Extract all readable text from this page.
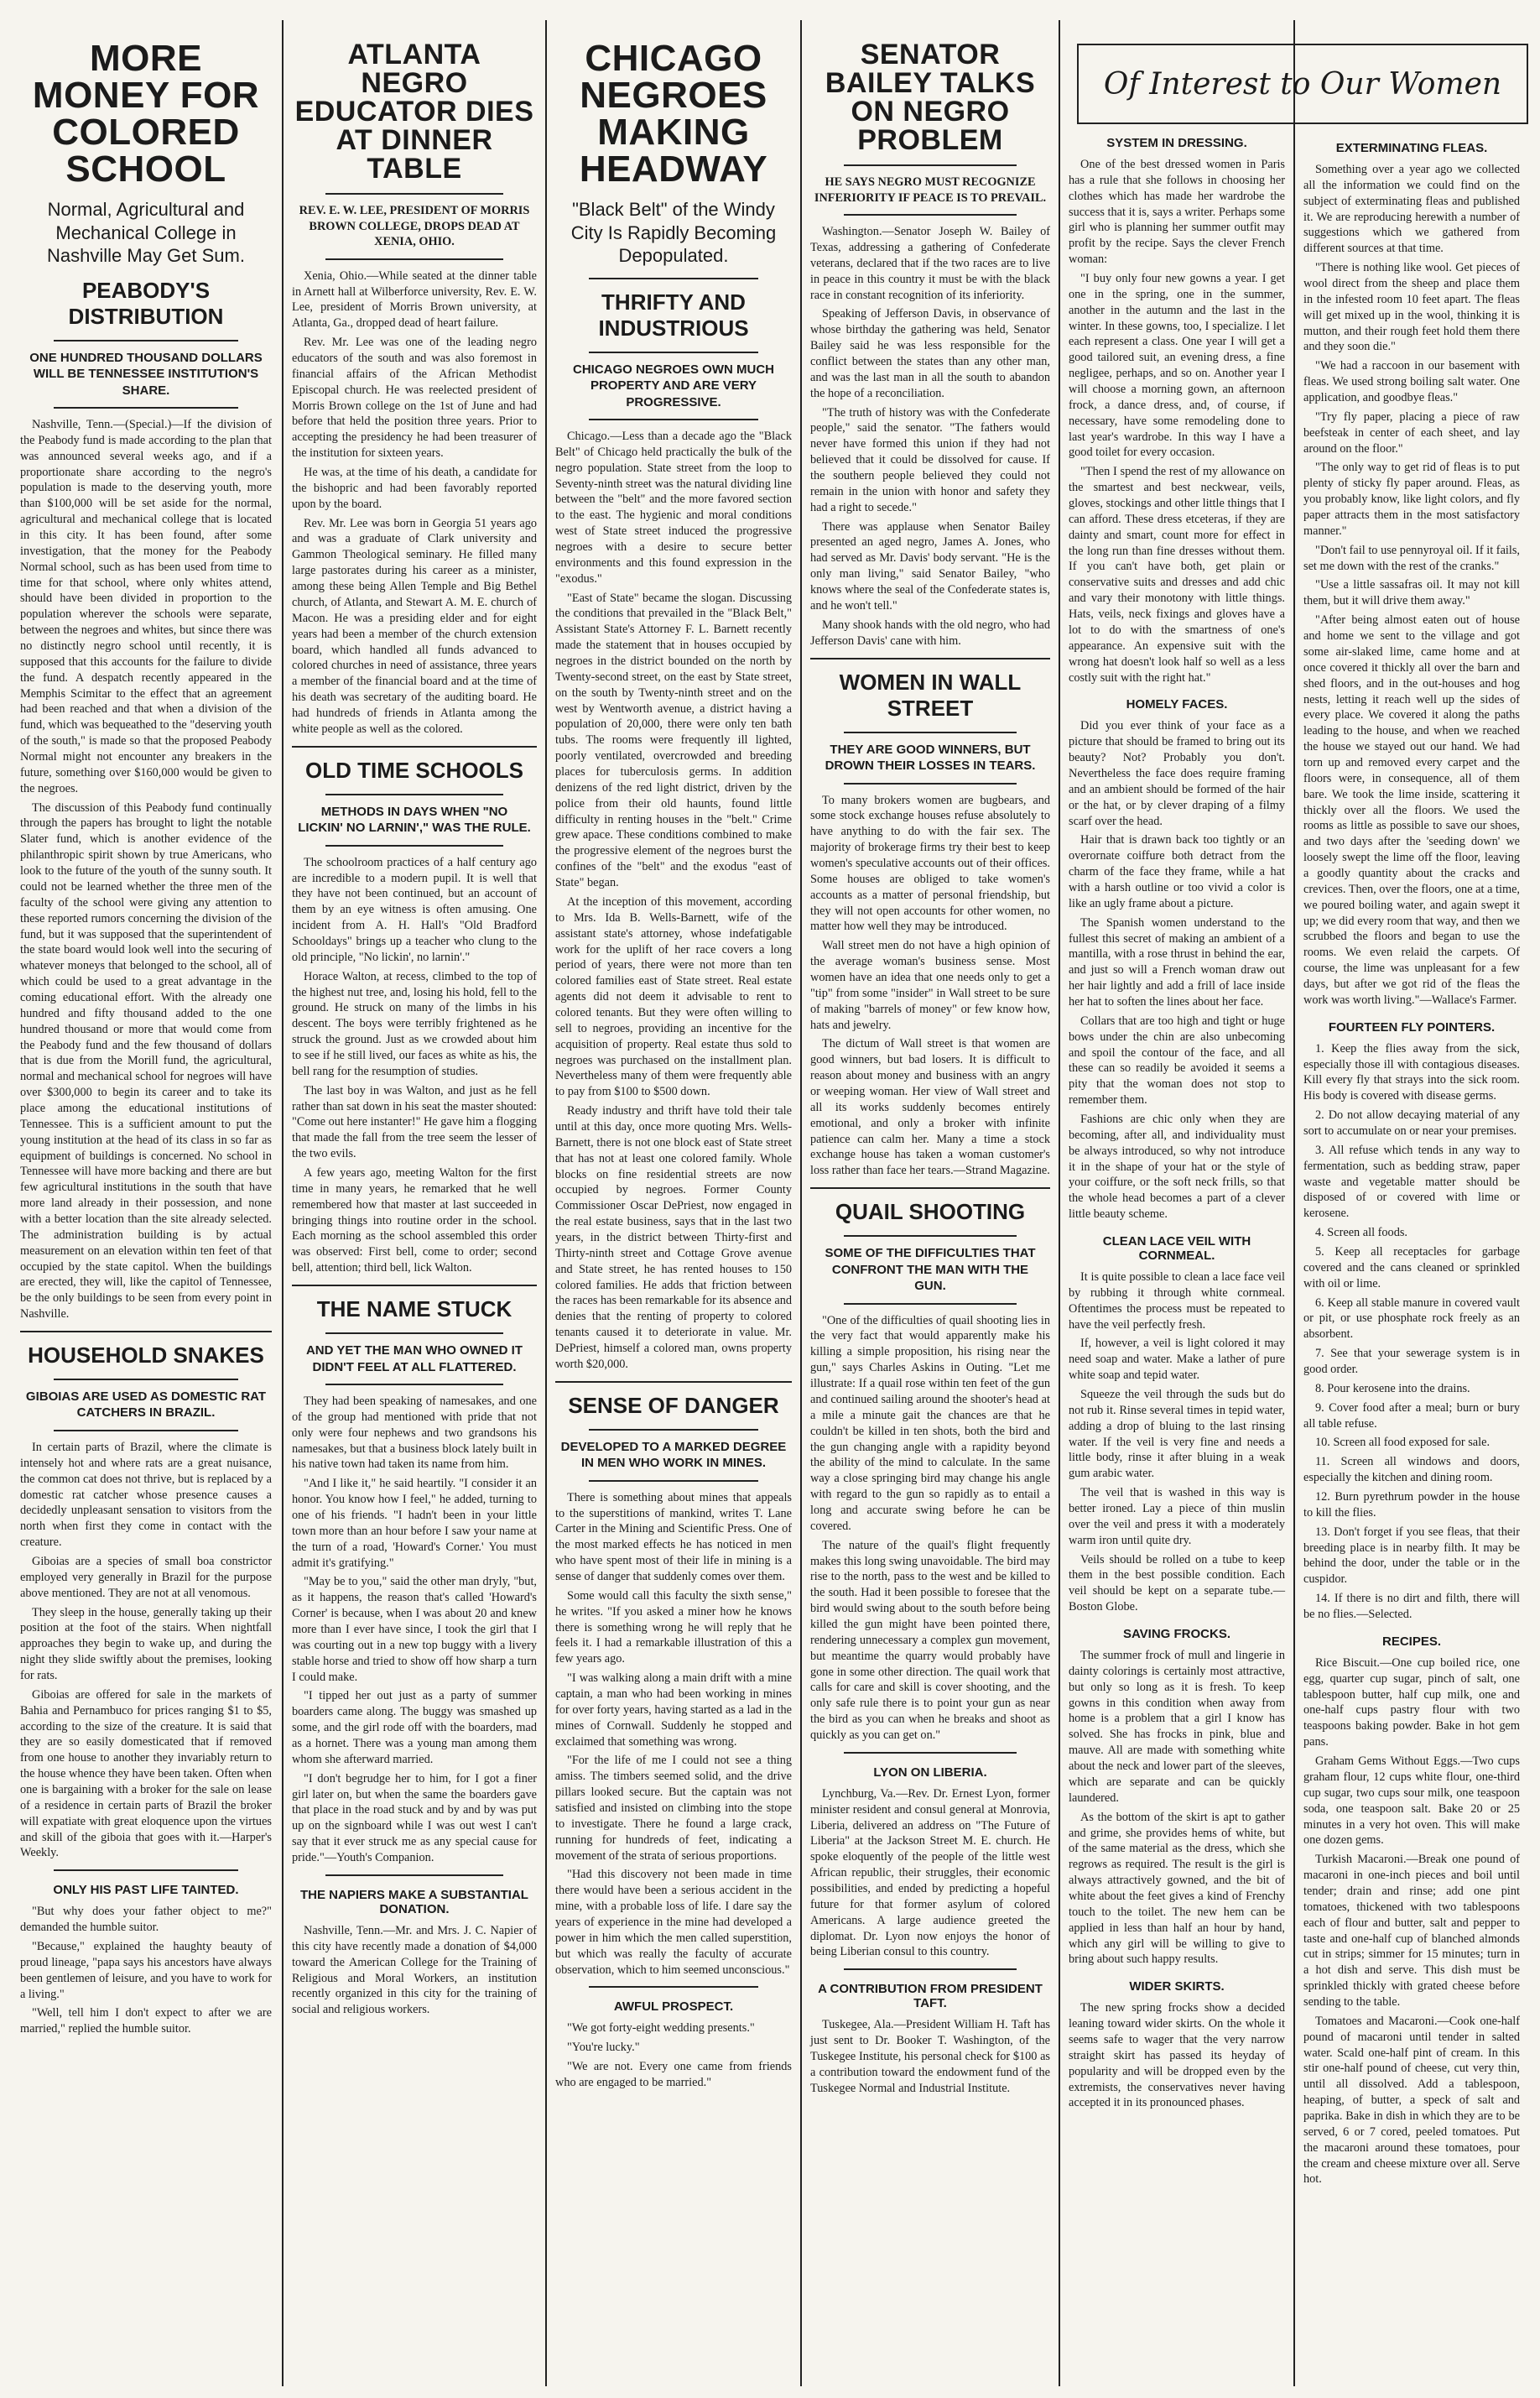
MORE MONEY FOR COLORED SCHOOL
Normal, Agricultural and Mechanical College in Nashville May Get Sum.
PEABODY'S DISTRIBUTION
ONE HUNDRED THOUSAND DOLLARS WILL BE TENNESSEE INSTITUTION'S SHARE.

Nashville, Tenn.—(Special.)—If the division of the Peabody fund is made according to the plan that was announced several weeks ago, and if a proportionate share according to the negro's population is made to the deserving youth, more than $100,000 will be set aside for the normal, agricultural and mechanical college that is located in this city. It has been found, after some investigation, that the money for the Peabody Normal school, such as has been used from time to time for that school, where only whites attend, should have been divided in proportion to the population wherever the schools were separate, between the negroes and whites, but since there was no distinctly negro school until recently, it is supposed that this accounts for the failure to divide the fund. A despatch recently appeared in the Memphis Scimitar to the effect that an agreement had been reached and that when a division of the fund, which was bequeathed to the "deserving youth of the south," is made so that the proposed Peabody Normal might not encounter any breakers in the future, something over $160,000 would be given to the negroes.

The discussion of this Peabody fund continually through the papers has brought to light the notable Slater fund, which is another evidence of the philanthropic spirit shown by true Americans, who look to the future of the youth of the sunny south. It could not be learned whether the three men of the faculty of the school were giving any attention to these reported rumors concerning the division of the fund, but it was supposed that the superintendent of the state board would look well into the securing of whatever moneys that belonged to the school, all of which could be used to a great advantage in the coming educational effort. With the already one hundred and fifty thousand added to the one hundred thousand or more that would come from the Peabody fund and the few thousand of dollars that is due from the Morill fund, the agricultural, normal and mechanical school for negroes will have over $300,000 to begin its career and to take its place among the educational institutions of Tennessee. This is a sufficient amount to put the young institution at the head of its class in so far as equipment of buildings is concerned. No school in Tennessee will have more backing and there are but few agricultural institutions in the south that have more land already in their possession, and none with a better location than the site already selected. The administration building is by actual measurement on an elevation within ten feet of that occupied by the state capitol. When the buildings are erected, they will, like the capitol of Tennessee, be the only buildings to be seen from every point in Nashville.

HOUSEHOLD SNAKES
GIBOIAS ARE USED AS DOMESTIC RAT CATCHERS IN BRAZIL.

In certain parts of Brazil, where the climate is intensely hot and where rats are a great nuisance, the common cat does not thrive, but is replaced by a domestic rat catcher whose presence causes a decidedly unpleasant sensation to visitors from the north when first they come in contact with the creature.

Giboias are a species of small boa constrictor employed very generally in Brazil for the purpose above mentioned. They are not at all venomous.

They sleep in the house, generally taking up their position at the foot of the stairs. When nightfall approaches they begin to wake up, and during the night they slide swiftly about the premises, looking for rats.

Giboias are offered for sale in the markets of Bahia and Pernambuco for prices ranging $1 to $5, according to the size of the creature. It is said that they are so easily domesticated that if removed from one house to another they invariably return to the house whence they have been taken. Often when one is bargaining with a broker for the sale on lease of a residence in certain parts of Brazil the broker will expatiate with great eloquence upon the virtues and skill of the giboia that goes with it.—Harper's Weekly.

ONLY HIS PAST LIFE TAINTED.

"But why does your father object to me?" demanded the humble suitor.

"Because," explained the haughty beauty of proud lineage, "papa says his ancestors have always been gentlemen of leisure, and you have to work for a living."

"Well, tell him I don't expect to after we are married," replied the humble suitor.

ATLANTA NEGRO EDUCATOR DIES AT DINNER TABLE
REV. E. W. LEE, PRESIDENT OF MORRIS BROWN COLLEGE, DROPS DEAD AT XENIA, OHIO.

Xenia, Ohio.—While seated at the dinner table in Arnett hall at Wilberforce university, Rev. E. W. Lee, president of Morris Brown university, at Atlanta, Ga., dropped dead of heart failure.

Rev. Mr. Lee was one of the leading negro educators of the south and was also foremost in financial affairs of the African Methodist Episcopal church. He was reelected president of Morris Brown college on the 1st of June and had before that held the position three years. Prior to accepting the presidency he had been treasurer of the institution for sixteen years.

He was, at the time of his death, a candidate for the bishopric and had been favorably reported upon by the board.

Rev. Mr. Lee was born in Georgia 51 years ago and was a graduate of Clark university and Gammon Theological seminary. He filled many large pastorates during his career as a minister, among these being Allen Temple and Big Bethel church, of Atlanta, and Stewart A. M. E. church of Macon. He was a presiding elder and for eight years had been a member of the church extension board, which handled all funds advanced to colored churches in need of assistance, three years a member of the financial board and at the time of his death was secretary of the auditing board. He had hundreds of friends in Atlanta among the white people as well as the colored.

OLD TIME SCHOOLS
METHODS IN DAYS WHEN "NO LICKIN' NO LARNIN'," WAS THE RULE.

The schoolroom practices of a half century ago are incredible to a modern pupil. It is well that they have not been continued, but an account of them by an eye witness is often amusing. One incident from A. H. Hall's "Old Bradford Schooldays" brings up a teacher who clung to the old principle, "No lickin', no larnin'."

Horace Walton, at recess, climbed to the top of the highest nut tree, and, losing his hold, fell to the ground. He struck on many of the limbs in his descent. The boys were terribly frightened as he struck the ground. Just as we crowded about him to see if he still lived, our faces as white as his, the bell rang for the resumption of studies.

The last boy in was Walton, and just as he fell rather than sat down in his seat the master shouted: "Come out here instanter!" He gave him a flogging that made the fall from the tree seem the lesser of the two evils.

A few years ago, meeting Walton for the first time in many years, he remarked that he well remembered how that master at last succeeded in bringing things into routine order in the school. Each morning as the school assembled this order was observed: First bell, come to order; second bell, attention; third bell, lick Walton.

THE NAME STUCK
AND YET THE MAN WHO OWNED IT DIDN'T FEEL AT ALL FLATTERED.

They had been speaking of namesakes, and one of the group had mentioned with pride that not only were four nephews and two grandsons his namesakes, but that a business block lately built in his native town had taken its name from him.

"And I like it," he said heartily. "I consider it an honor. You know how I feel," he added, turning to one of his friends. "I hadn't been in your little town more than an hour before I saw your name at the turn of a road, 'Howard's Corner.' You must admit it's gratifying."

"May be to you," said the other man dryly, "but, as it happens, the reason that's called 'Howard's Corner' is because, when I was about 20 and knew more than I ever have since, I took the girl that I was courting out in a new top buggy with a livery stable horse and tried to show off how sharp a turn I could make.

"I tipped her out just as a party of summer boarders came along. The buggy was smashed up some, and the girl rode off with the boarders, mad as a hornet. There was a young man among them whom she afterward married.

"I don't begrudge her to him, for I got a finer girl later on, but when the same the boarders gave that place in the road stuck and by and by was put up on the signboard while I was out west I can't say that it ever struck me as any special cause for pride."—Youth's Companion.

THE NAPIERS MAKE A SUBSTANTIAL DONATION.

Nashville, Tenn.—Mr. and Mrs. J. C. Napier of this city have recently made a donation of $4,000 toward the American College for the Training of Religious and Moral Workers, an institution recently organized in this city for the training of social and religious workers.

CHICAGO NEGROES MAKING HEADWAY
"Black Belt" of the Windy City Is Rapidly Becoming Depopulated.
THRIFTY AND INDUSTRIOUS
CHICAGO NEGROES OWN MUCH PROPERTY AND ARE VERY PROGRESSIVE.

Chicago.—Less than a decade ago the "Black Belt" of Chicago held practically the bulk of the negro population. State street from the loop to Seventy-ninth street was the natural dividing line between the "belt" and the more favored section to the east. The hygienic and moral conditions west of State street induced the progressive negroes with a desire to secure better environments and this found expression in the "exodus."

"East of State" became the slogan. Discussing the conditions that prevailed in the "Black Belt," Assistant State's Attorney F. L. Barnett recently made the statement that in houses occupied by negroes in the district bounded on the north by Twenty-second street, on the east by State street, on the south by Twenty-ninth street and on the west by Wentworth avenue, a district having a population of 20,000, there were only ten bath tubs. The rooms were frequently ill lighted, poorly ventilated, overcrowded and breeding places for tuberculosis germs. In addition denizens of the red light district, driven by the police from their old haunts, found little difficulty in renting houses in the "belt." Crime grew apace. These conditions combined to make the progressive element of the negroes burst the confines of the "belt" and the exodus "east of State" began.

At the inception of this movement, according to Mrs. Ida B. Wells-Barnett, wife of the assistant state's attorney, whose indefatigable work for the uplift of her race covers a long period of years, there were not more than ten colored families east of State street. Real estate agents did not deem it advisable to rent to colored tenants. But they were often willing to sell to negroes, providing an incentive for the acquisition of property. Real estate thus sold to negroes was purchased on the installment plan. Nevertheless many of them were frequently able to pay from $100 to $500 down.

Ready industry and thrift have told their tale until at this day, once more quoting Mrs. Wells-Barnett, there is not one block east of State street that has not at least one colored family. Whole blocks on fine residential streets are now occupied by negroes. Former County Commissioner Oscar DePriest, now engaged in the real estate business, says that in the last two years, in the district between Thirty-first and Thirty-ninth street and Cottage Grove avenue and State street, he has rented houses to 150 colored families. He adds that friction between the races has been remarkable for its absence and denies that the renting of property to colored tenants caused it to deteriorate in value. Mr. DePriest, himself a colored man, owns property worth $20,000.

SENSE OF DANGER
DEVELOPED TO A MARKED DEGREE IN MEN WHO WORK IN MINES.

There is something about mines that appeals to the superstitions of mankind, writes T. Lane Carter in the Mining and Scientific Press. One of the most marked effects he has noticed in men who have spent most of their life in mining is a sense of danger that suddenly comes over them.

Some would call this faculty the sixth sense," he writes. "If you asked a miner how he knows there is something wrong he will reply that he feels it. I had a remarkable illustration of this a few years ago.

"I was walking along a main drift with a mine captain, a man who had been working in mines for over forty years, having started as a lad in the mines of Cornwall. Suddenly he stopped and exclaimed that something was wrong.

"For the life of me I could not see a thing amiss. The timbers seemed solid, and the drive pillars looked secure. But the captain was not satisfied and insisted on climbing into the stope to investigate. There he found a large crack, running for hundreds of feet, indicating a movement of the strata of serious proportions.

"Had this discovery not been made in time there would have been a serious accident in the mine, with a probable loss of life. I dare say the years of experience in the mine had developed a power in him which the men called superstition, but which was really the faculty of accurate observation, which to him seemed unconscious."

AWFUL PROSPECT.

"We got forty-eight wedding presents."

"You're lucky."

"We are not. Every one came from friends who are engaged to be married."

SENATOR BAILEY TALKS ON NEGRO PROBLEM
HE SAYS NEGRO MUST RECOGNIZE INFERIORITY IF PEACE IS TO PREVAIL.

Washington.—Senator Joseph W. Bailey of Texas, addressing a gathering of Confederate veterans, declared that if the two races are to live in peace in this country it must be with the black race in constant recognition of its inferiority.

Speaking of Jefferson Davis, in observance of whose birthday the gathering was held, Senator Bailey said he was less responsible for the conflict between the states than any other man, and was the last man in all the south to abandon the hope of a reconciliation.

"The truth of history was with the Confederate people," said the senator. "The fathers would never have formed this union if they had not believed that it could be dissolved for cause. If the southern people believed they could not remain in the union with honor and safety they had a right to secede."

There was applause when Senator Bailey presented an aged negro, James A. Jones, who had served as Mr. Davis' body servant. "He is the only man living," said Senator Bailey, "who knows where the seal of the Confederate states is, and he won't tell."

Many shook hands with the old negro, who had Jefferson Davis' cane with him.

WOMEN IN WALL STREET
THEY ARE GOOD WINNERS, BUT DROWN THEIR LOSSES IN TEARS.

To many brokers women are bugbears, and some stock exchange houses refuse absolutely to have anything to do with the fair sex. The majority of brokerage firms try their best to keep women's speculative accounts out of their offices. Some houses are obliged to take women's accounts as a matter of personal friendship, but they will not open accounts for other women, no matter how well they may be introduced.

Wall street men do not have a high opinion of the average woman's business sense. Most women have an idea that one needs only to get a "tip" from some "insider" in Wall street to be sure of making "barrels of money" or few know how, hats and jewelry.

The dictum of Wall street is that women are good winners, but bad losers. It is difficult to reason about money and business with an angry or weeping woman. Her view of Wall street and all its works suddenly becomes entirely emotional, and only a broker with infinite patience can calm her. Many a time a stock exchange house has taken a woman customer's loss rather than face her tears.—Strand Magazine.

QUAIL SHOOTING
SOME OF THE DIFFICULTIES THAT CONFRONT THE MAN WITH THE GUN.

"One of the difficulties of quail shooting lies in the very fact that would apparently make his killing a simple proposition, his rising near the gun," says Charles Askins in Outing. "Let me illustrate: If a quail rose within ten feet of the gun and continued sailing around the shooter's head at a mile a minute gait the chances are that he couldn't be killed in ten shots, both the bird and the gun changing angle with a rapidity beyond the ability of the mind to calculate. In the same way a close springing bird may change his angle with regard to the gun so rapidly as to entail a long and accurate swing before he can be covered.

The nature of the quail's flight frequently makes this long swing unavoidable. The bird may rise to the north, pass to the west and be killed to the south. Had it been possible to foresee that the bird would swing about to the south before being killed the gun might have been pointed there, rendering unnecessary a complex gun movement, but meantime the quarry would probably have gone in some other direction. The quail work that calls for care and skill is cover shooting, and the only safe rule there is to point your gun as near the bird as you can when he breaks and shoot as quickly as you can get on."

LYON ON LIBERIA.

Lynchburg, Va.—Rev. Dr. Ernest Lyon, former minister resident and consul general at Monrovia, Liberia, delivered an address on "The Future of Liberia" at the Jackson Street M. E. church. He spoke eloquently of the people of the little west African republic, their struggles, their economic possibilities, and ended by predicting a hopeful future for that former asylum of colored Americans. A large audience greeted the diplomat. Dr. Lyon now enjoys the honor of being Liberian consul to this country.

A CONTRIBUTION FROM PRESIDENT TAFT.

Tuskegee, Ala.—President William H. Taft has just sent to Dr. Booker T. Washington, of the Tuskegee Institute, his personal check for $100 as a contribution toward the endowment fund of the Tuskegee Normal and Industrial Institute.

Of Interest to Our Women
SYSTEM IN DRESSING.

One of the best dressed women in Paris has a rule that she follows in choosing her clothes which has made her wardrobe the success that it is, says a writer. Perhaps some girl who is planning her summer outfit may profit by the recipe. Says the clever French woman:

"I buy only four new gowns a year. I get one in the spring, one in the summer, another in the autumn and the last in the winter. In these gowns, too, I specialize. I let each represent a class. One year I will get a good tailored suit, an evening dress, a fine negligee, perhaps, and so on. Another year I will choose a morning gown, an afternoon frock, a dance dress, and, of course, if necessary, have some remodeling done to last year's wardrobe. In this way I have a good toilet for every occasion.

"Then I spend the rest of my allowance on the smartest and best neckwear, veils, gloves, stockings and other little things that I can afford. These dress etceteras, if they are dainty and smart, count more for effect in the long run than fine dresses without them. If you can't have both, get plain or conservative suits and dresses and add chic and vary their monotony with little things. Hats, veils, neck fixings and gloves have a lot to do with the smartness of one's appearance. An expensive suit with the wrong hat doesn't look half so well as a less costly suit with the right hat."

HOMELY FACES.

Did you ever think of your face as a picture that should be framed to bring out its beauty? Not? Probably you don't. Nevertheless the face does require framing and an ambient should be formed of the hair or the hat, or by clever draping of a filmy scarf over the head.

Hair that is drawn back too tightly or an overornate coiffure both detract from the charm of the face they frame, while a hat with a harsh outline or too vivid a color is like an ugly frame about a picture.

The Spanish women understand to the fullest this secret of making an ambient of a mantilla, with a rose thrust in behind the ear, and just so will a French woman draw out her hair lightly and add a frill of lace inside her hat to soften the lines about her face.

Collars that are too high and tight or huge bows under the chin are also unbecoming and spoil the contour of the face, and all these can so readily be avoided it seems a pity that the woman does not stop to remember them.

Fashions are chic only when they are becoming, after all, and individuality must be always introduced, so why not introduce it in the shape of your hat or the style of your coiffure, or the soft neck frills, so that the whole head becomes a part of a clever little beauty scheme.

CLEAN LACE VEIL WITH CORNMEAL.

It is quite possible to clean a lace face veil by rubbing it through white cornmeal. Oftentimes the process must be repeated to have the veil perfectly fresh.

If, however, a veil is light colored it may need soap and water. Make a lather of pure white soap and tepid water.

Squeeze the veil through the suds but do not rub it. Rinse several times in tepid water, adding a drop of bluing to the last rinsing water. If the veil is very fine and needs a little body, rinse it after bluing in a weak gum arabic water.

The veil that is washed in this way is better ironed. Lay a piece of thin muslin over the veil and press it with a moderately warm iron until quite dry.

Veils should be rolled on a tube to keep them in the best possible condition. Each veil should be kept on a separate tube.—Boston Globe.

SAVING FROCKS.

The summer frock of mull and lingerie in dainty colorings is certainly most attractive, but only so long as it is fresh. To keep gowns in this condition when away from home is a problem that a girl I know has solved. She has frocks in pink, blue and mauve. All are made with something white about the neck and lower part of the sleeves, which are separate and can be quickly laundered.

As the bottom of the skirt is apt to gather and grime, she provides hems of white, but of the same material as the dress, which she regrows as required. The result is the girl is always attractively gowned, and the bit of white about the feet gives a kind of Frenchy touch to the toilet. The new hem can be applied in less than half an hour by hand, which any girl will be willing to give to bring about such happy results.

WIDER SKIRTS.

The new spring frocks show a decided leaning toward wider skirts. On the whole it seems safe to wager that the very narrow straight skirt has passed its heyday of popularity and will be dropped even by the extremists, the conservatives never having accepted it in its pronounced phases.

EXTERMINATING FLEAS.

Something over a year ago we collected all the information we could find on the subject of exterminating fleas and published it. We are reproducing herewith a number of suggestions which we gathered from different sources at that time.

"There is nothing like wool. Get pieces of wool direct from the sheep and place them in the infested room 10 feet apart. The fleas will get mixed up in the wool, thinking it is mutton, and their rough feet hold them there and they soon die."

"We had a raccoon in our basement with fleas. We used strong boiling salt water. One application, and goodbye fleas."

"Try fly paper, placing a piece of raw beefsteak in center of each sheet, and lay around on the floor."

"The only way to get rid of fleas is to put plenty of sticky fly paper around. Fleas, as you probably know, like light colors, and fly paper attracts them in the most satisfactory manner."

"Don't fail to use pennyroyal oil. If it fails, set me down with the rest of the cranks."

"Use a little sassafras oil. It may not kill them, but it will drive them away."

"After being almost eaten out of house and home we sent to the village and got some air-slaked lime, came home and at once covered it thickly all over the barn and shed floors, and in the out-houses and hog nests, letting it reach well up the sides of every place. We covered it along the paths leading to the house, and when we reached the house we stayed out our hand. We had torn up and removed every carpet and the floors were, in consequence, all of them bare. We took the lime inside, scattering it thickly over all the floors. We used the rooms as little as possible to save our shoes, and two days after the 'seeding down' we loosely swept the lime off the floor, leaving a goodly quantity about the cracks and crevices. Then, over the floors, one at a time, we poured boiling water, and again swept it up; we did every room that way, and then we scrubbed the floors and began to use the rooms. We even relaid the carpets. Of course, the lime was unpleasant for a few days, but after we got rid of the fleas the work was worth living."—Wallace's Farmer.

FOURTEEN FLY POINTERS.

1. Keep the flies away from the sick, especially those ill with contagious diseases. Kill every fly that strays into the sick room. His body is covered with disease germs.

2. Do not allow decaying material of any sort to accumulate on or near your premises.

3. All refuse which tends in any way to fermentation, such as bedding straw, paper waste and vegetable matter should be disposed of or covered with lime or kerosene.

4. Screen all foods.

5. Keep all receptacles for garbage covered and the cans cleaned or sprinkled with oil or lime.

6. Keep all stable manure in covered vault or pit, or use phosphate rock freely as an absorbent.

7. See that your sewerage system is in good order.

8. Pour kerosene into the drains.

9. Cover food after a meal; burn or bury all table refuse.

10. Screen all food exposed for sale.

11. Screen all windows and doors, especially the kitchen and dining room.

12. Burn pyrethrum powder in the house to kill the flies.

13. Don't forget if you see fleas, that their breeding place is in nearby filth. It may be behind the door, under the table or in the cuspidor.

14. If there is no dirt and filth, there will be no flies.—Selected.

RECIPES.

Rice Biscuit.—One cup boiled rice, one egg, quarter cup sugar, pinch of salt, one tablespoon butter, half cup milk, one and one-half cups pastry flour with two teaspoons baking powder. Bake in hot gem pans.

Graham Gems Without Eggs.—Two cups graham flour, 12 cups white flour, one-third cup sugar, two cups sour milk, one teaspoon soda, one teaspoon salt. Bake 20 or 25 minutes in a very hot oven. This will make one dozen gems.

Turkish Macaroni.—Break one pound of macaroni in one-inch pieces and boil until tender; drain and rinse; add one pint tomatoes, thickened with two tablespoons each of flour and butter, salt and pepper to taste and one-half cup of blanched almonds cut in strips; simmer for 15 minutes; turn in a hot dish and serve. This dish must be sprinkled thickly with grated cheese before sending to the table.

Tomatoes and Macaroni.—Cook one-half pound of macaroni until tender in salted water. Scald one-half pint of cream. In this stir one-half pound of cheese, cut very thin, until all dissolved. Add a tablespoon, heaping, of butter, a speck of salt and paprika. Bake in dish in which they are to be served, 6 or 7 cored, peeled tomatoes. Put the macaroni around these tomatoes, pour the cream and cheese mixture over all. Serve hot.
